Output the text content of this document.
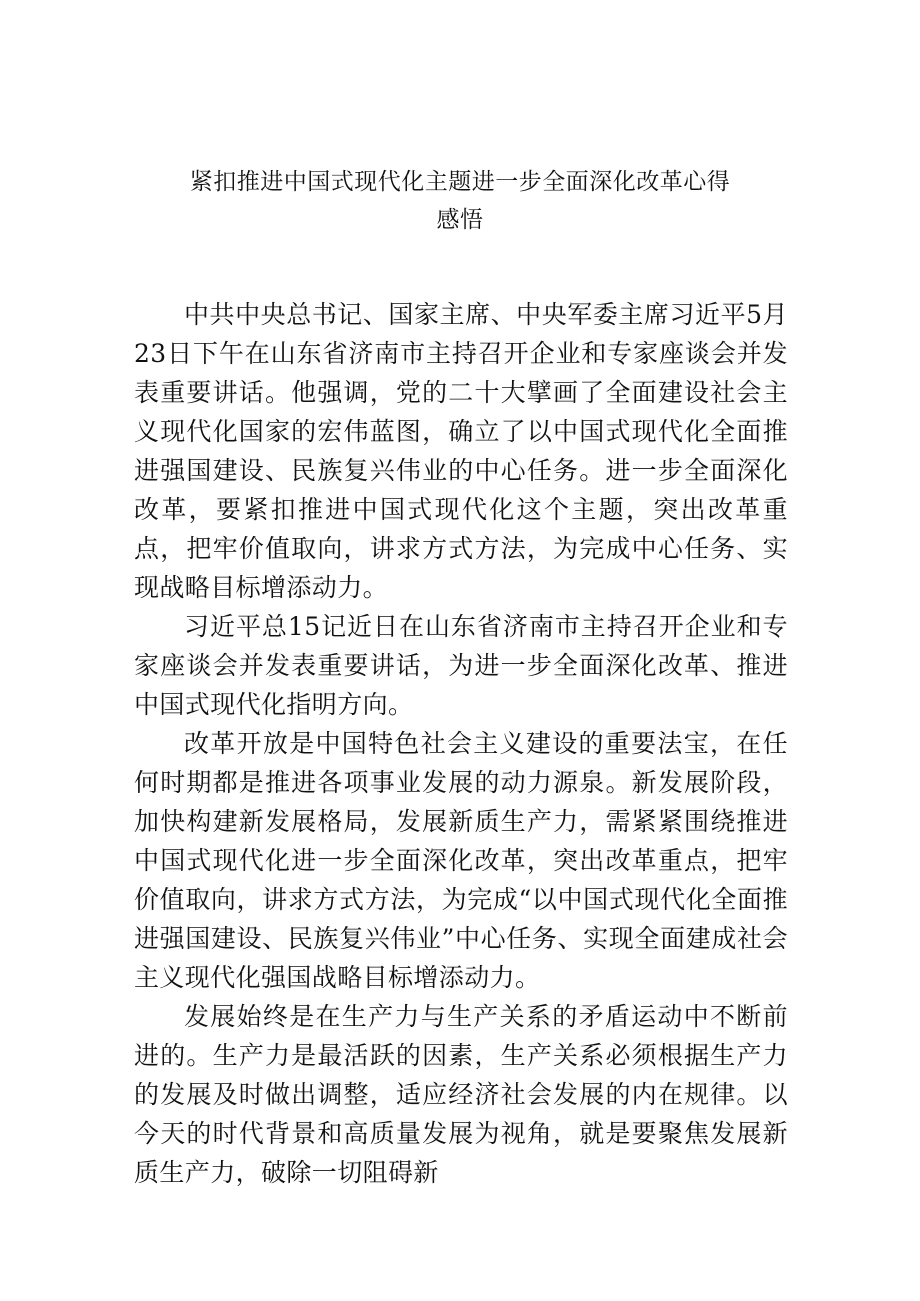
紧扣推进中国式现代化主题进一步全面深化改革心得
感悟

中共中央总书记、国家主席、中央军委主席习近平5月23日下午在山东省济南市主持召开企业和专家座谈会并发表重要讲话。他强调，党的二十大擘画了全面建设社会主义现代化国家的宏伟蓝图，确立了以中国式现代化全面推进强国建设、民族复兴伟业的中心任务。进一步全面深化改革，要紧扣推进中国式现代化这个主题，突出改革重点，把牢价值取向，讲求方式方法，为完成中心任务、实现战略目标增添动力。

习近平总15记近日在山东省济南市主持召开企业和专家座谈会并发表重要讲话，为进一步全面深化改革、推进中国式现代化指明方向。

改革开放是中国特色社会主义建设的重要法宝，在任何时期都是推进各项事业发展的动力源泉。新发展阶段，加快构建新发展格局，发展新质生产力，需紧紧围绕推进中国式现代化进一步全面深化改革，突出改革重点，把牢价值取向，讲求方式方法，为完成“以中国式现代化全面推进强国建设、民族复兴伟业”中心任务、实现全面建成社会主义现代化强国战略目标增添动力。

发展始终是在生产力与生产关系的矛盾运动中不断前进的。生产力是最活跃的因素，生产关系必须根据生产力的发展及时做出调整，适应经济社会发展的内在规律。以今天的时代背景和高质量发展为视角，就是要聚焦发展新质生产力，破除一切阻碍新
